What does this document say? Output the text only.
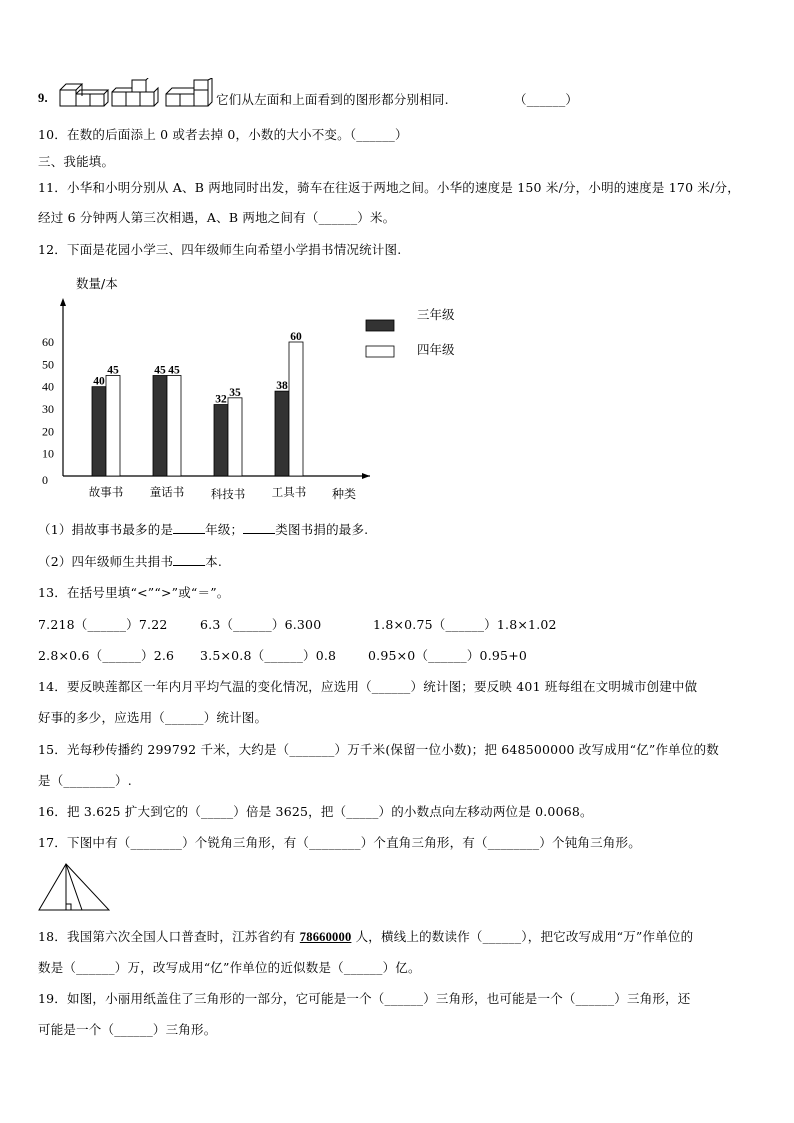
9.	它们从左面和上面看到的图形都分别相同.	（______）
10．在数的后面添上 0 或者去掉 0，小数的大小不变。（______）
三、我能填。
11．小华和小明分别从 A、B 两地同时出发，骑车在往返于两地之间。小华的速度是 150 米/分，小明的速度是 170 米/分，
经过 6 分钟两人第三次相遇，A、B 两地之间有（______）米。
12．下面是花园小学三、四年级师生向希望小学捐书情况统计图.
数量/本
种类
0
10
20
30
40
50
60
40
45
故事书
45 45
童话书
32
35
科技书
38
60
工具书
三年级
四年级
（1）捐故事书最多的是	年级；	类图书捐的最多.
（2）四年级师生共捐书	本.
13．在括号里填“<”“>”或“＝”。
7.218（______）7.22	6.3（______）6.300	1.8×0.75（______）1.8×1.02
2.8×0.6（______）2.6 3.5×0.8（______）0.8	0.95×0（______）0.95+0
14．要反映莲都区一年内月平均气温的变化情况，应选用（______）统计图；要反映 401 班每组在文明城市创建中做
好事的多少，应选用（______）统计图。
15．光每秒传播约 299792 千米，大约是（_______）万千米(保留一位小数)；把 648500000 改写成用“亿”作单位的数
是（________）.
16．把 3.625 扩大到它的（_____）倍是 3625，把（_____）的小数点向左移动两位是 0.0068。
17．下图中有（________）个锐角三角形，有（________）个直角三角形，有（________）个钝角三角形。
18．我国第六次全国人口普查时，江苏省约有 78660000 人，横线上的数读作（______），把它改写成用“万”作单位的
数是（______）万，改写成用“亿”作单位的近似数是（______）亿。
19．如图，小丽用纸盖住了三角形的一部分，它可能是一个（______）三角形，也可能是一个（______）三角形，还
可能是一个（______）三角形。
